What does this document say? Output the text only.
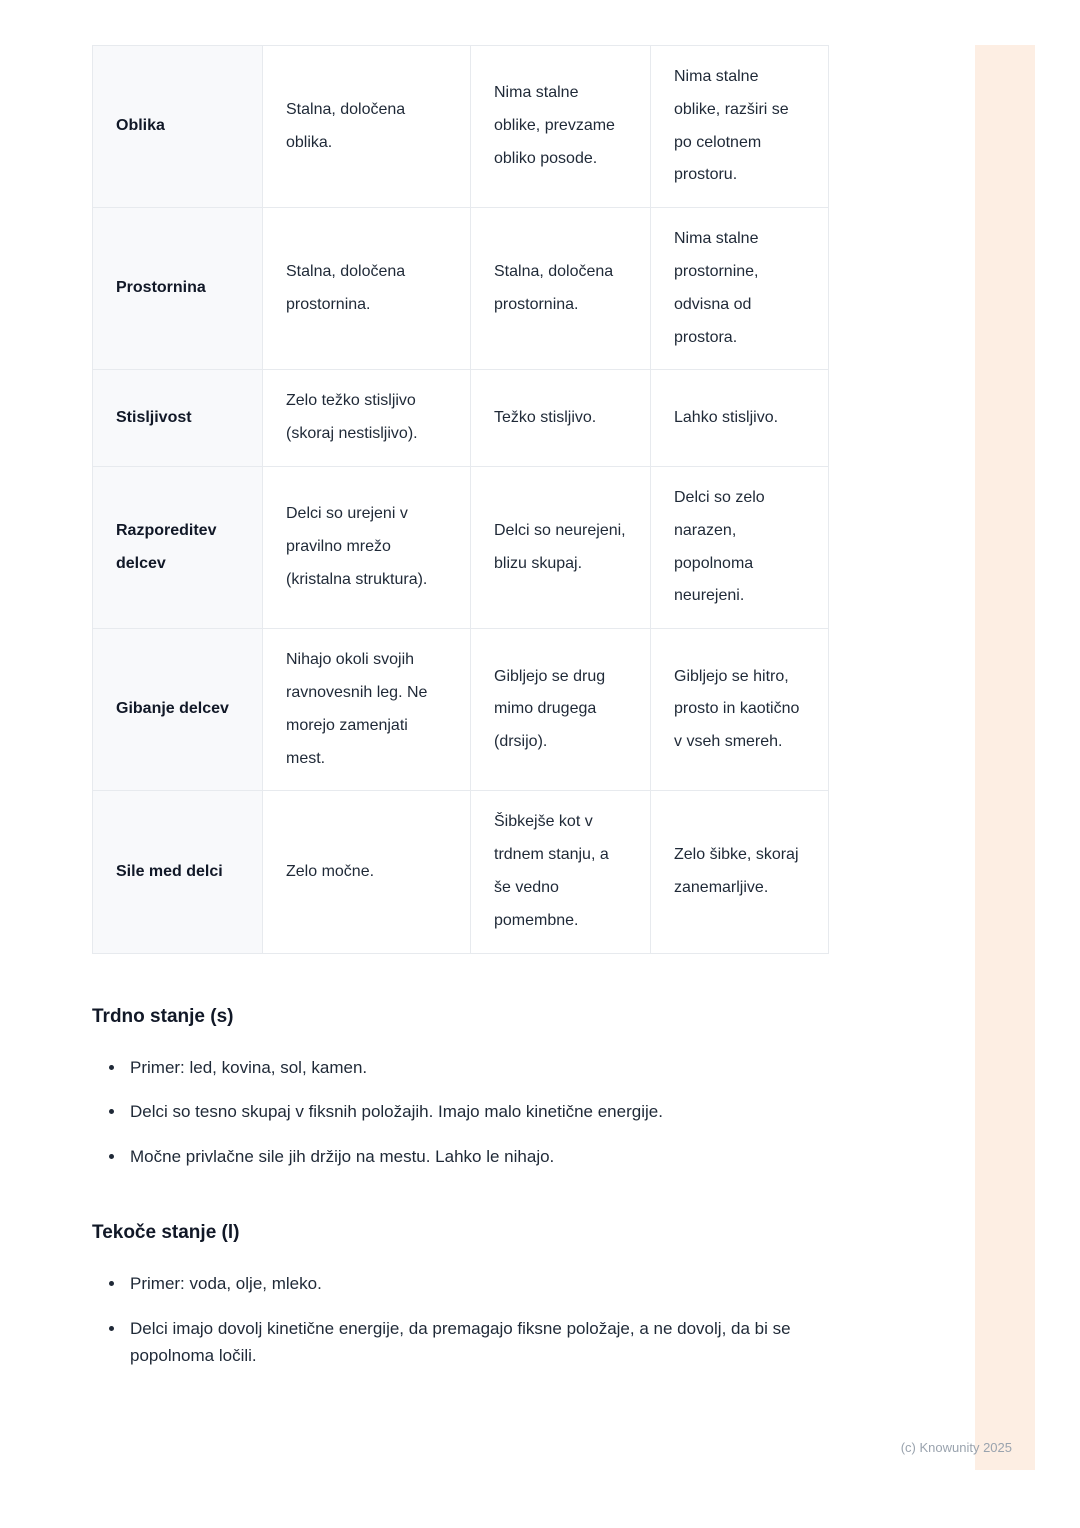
Oblika	Stalna, določena oblika.	Nima stalne oblike, prevzame obliko posode.	Nima stalne oblike, razširi se po celotnem prostoru.
Prostornina	Stalna, določena prostornina.	Stalna, določena prostornina.	Nima stalne prostornine, odvisna od prostora.
Stisljivost	Zelo težko stisljivo (skoraj nestisljivo).	Težko stisljivo.	Lahko stisljivo.
Razporeditev delcev	Delci so urejeni v pravilno mrežo (kristalna struktura).	Delci so neurejeni, blizu skupaj.	Delci so zelo narazen, popolnoma neurejeni.
Gibanje delcev	Nihajo okoli svojih ravnovesnih leg. Ne morejo zamenjati mest.	Gibljejo se drug mimo drugega (drsijo).	Gibljejo se hitro, prosto in kaotično v vseh smereh.
Sile med delci	Zelo močne.	Šibkejše kot v trdnem stanju, a še vedno pomembne.	Zelo šibke, skoraj zanemarljive.
Trdno stanje (s)
• Primer: led, kovina, sol, kamen.
• Delci so tesno skupaj v fiksnih položajih. Imajo malo kinetične energije.
• Močne privlačne sile jih držijo na mestu. Lahko le nihajo.
Tekoče stanje (l)
• Primer: voda, olje, mleko.
• Delci imajo dovolj kinetične energije, da premagajo fiksne položaje, a ne dovolj, da bi se popolnoma ločili.
(c) Knowunity 2025
